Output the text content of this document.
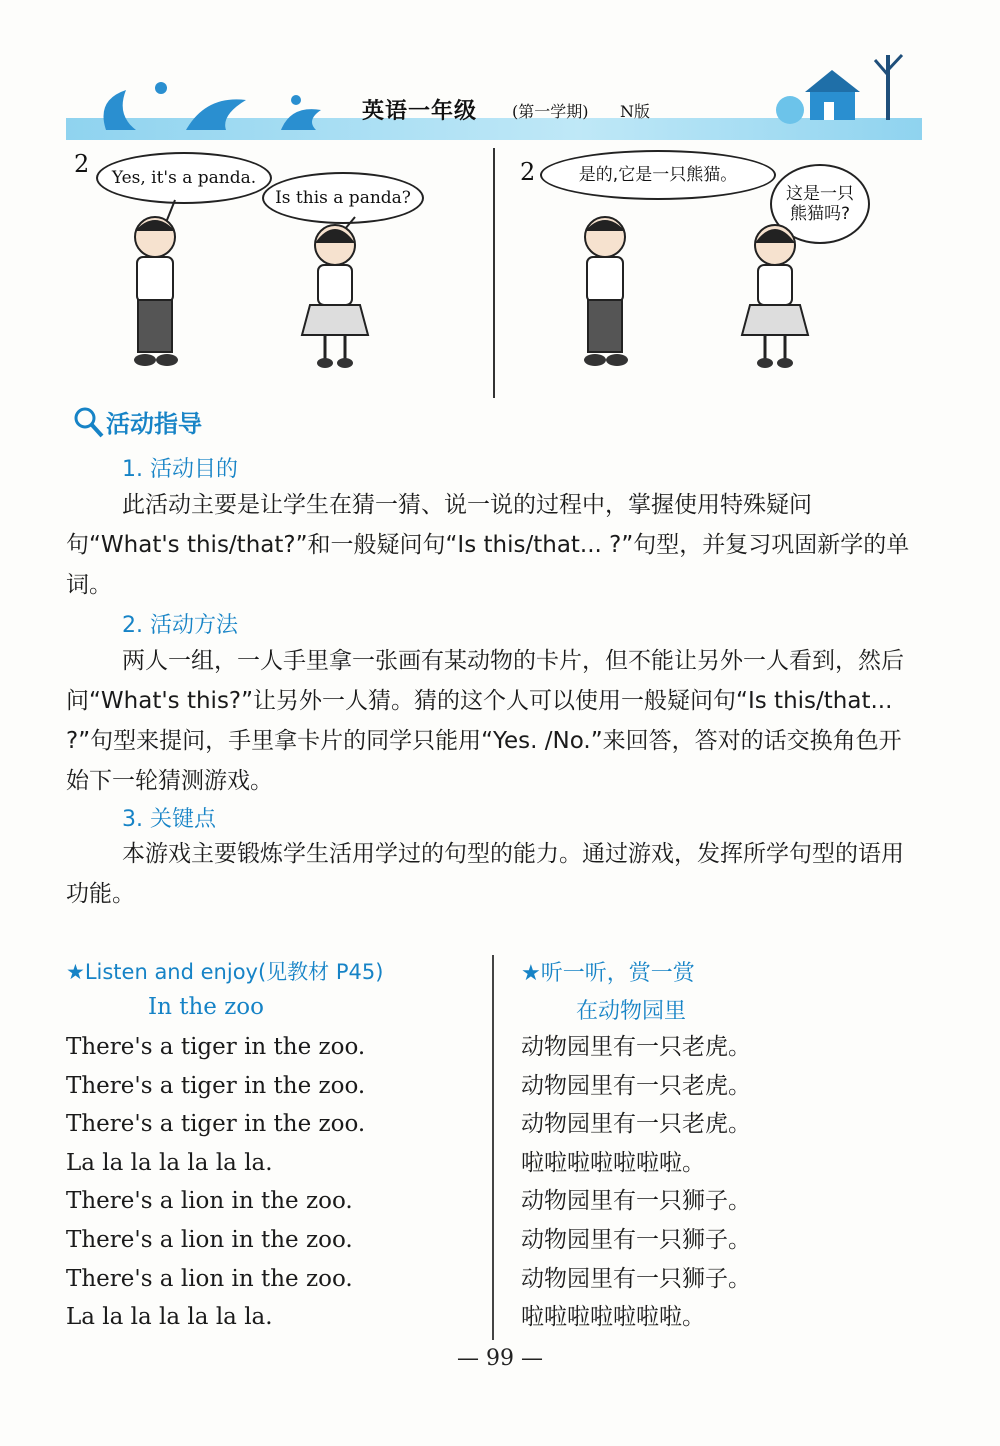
英语一年级 (第一学期) N版
2 Yes, it's a panda.
Is this a panda?
2	是的,它是一只熊猫。
这是一只熊猫吗?
活动指导
1. 活动目的
此活动主要是让学生在猜一猜、说一说的过程中，掌握使用特殊疑问句“What's this/that?”和一般疑问句“Is this/that... ?”句型，并复习巩固新学的单词。
2. 活动方法
两人一组，一人手里拿一张画有某动物的卡片，但不能让另外一人看到，然后问“What's this?”让另外一人猜。猜的这个人可以使用一般疑问句“Is this/that... ?”句型来提问，手里拿卡片的同学只能用“Yes. /No.”来回答，答对的话交换角色开始下一轮猜测游戏。
3. 关键点
本游戏主要锻炼学生活用学过的句型的能力。通过游戏，发挥所学句型的语用功能。
★Listen and enjoy(见教材 P45)
In the zoo
There's a tiger in the zoo.
There's a tiger in the zoo.
There's a tiger in the zoo.
La la la la la la la.
There's a lion in the zoo.
There's a lion in the zoo.
There's a lion in the zoo.
La la la la la la la.
★听一听，赏一赏
在动物园里
动物园里有一只老虎。
动物园里有一只老虎。
动物园里有一只老虎。
啦啦啦啦啦啦啦。
动物园里有一只狮子。
动物园里有一只狮子。
动物园里有一只狮子。
啦啦啦啦啦啦啦。
— 99 —
